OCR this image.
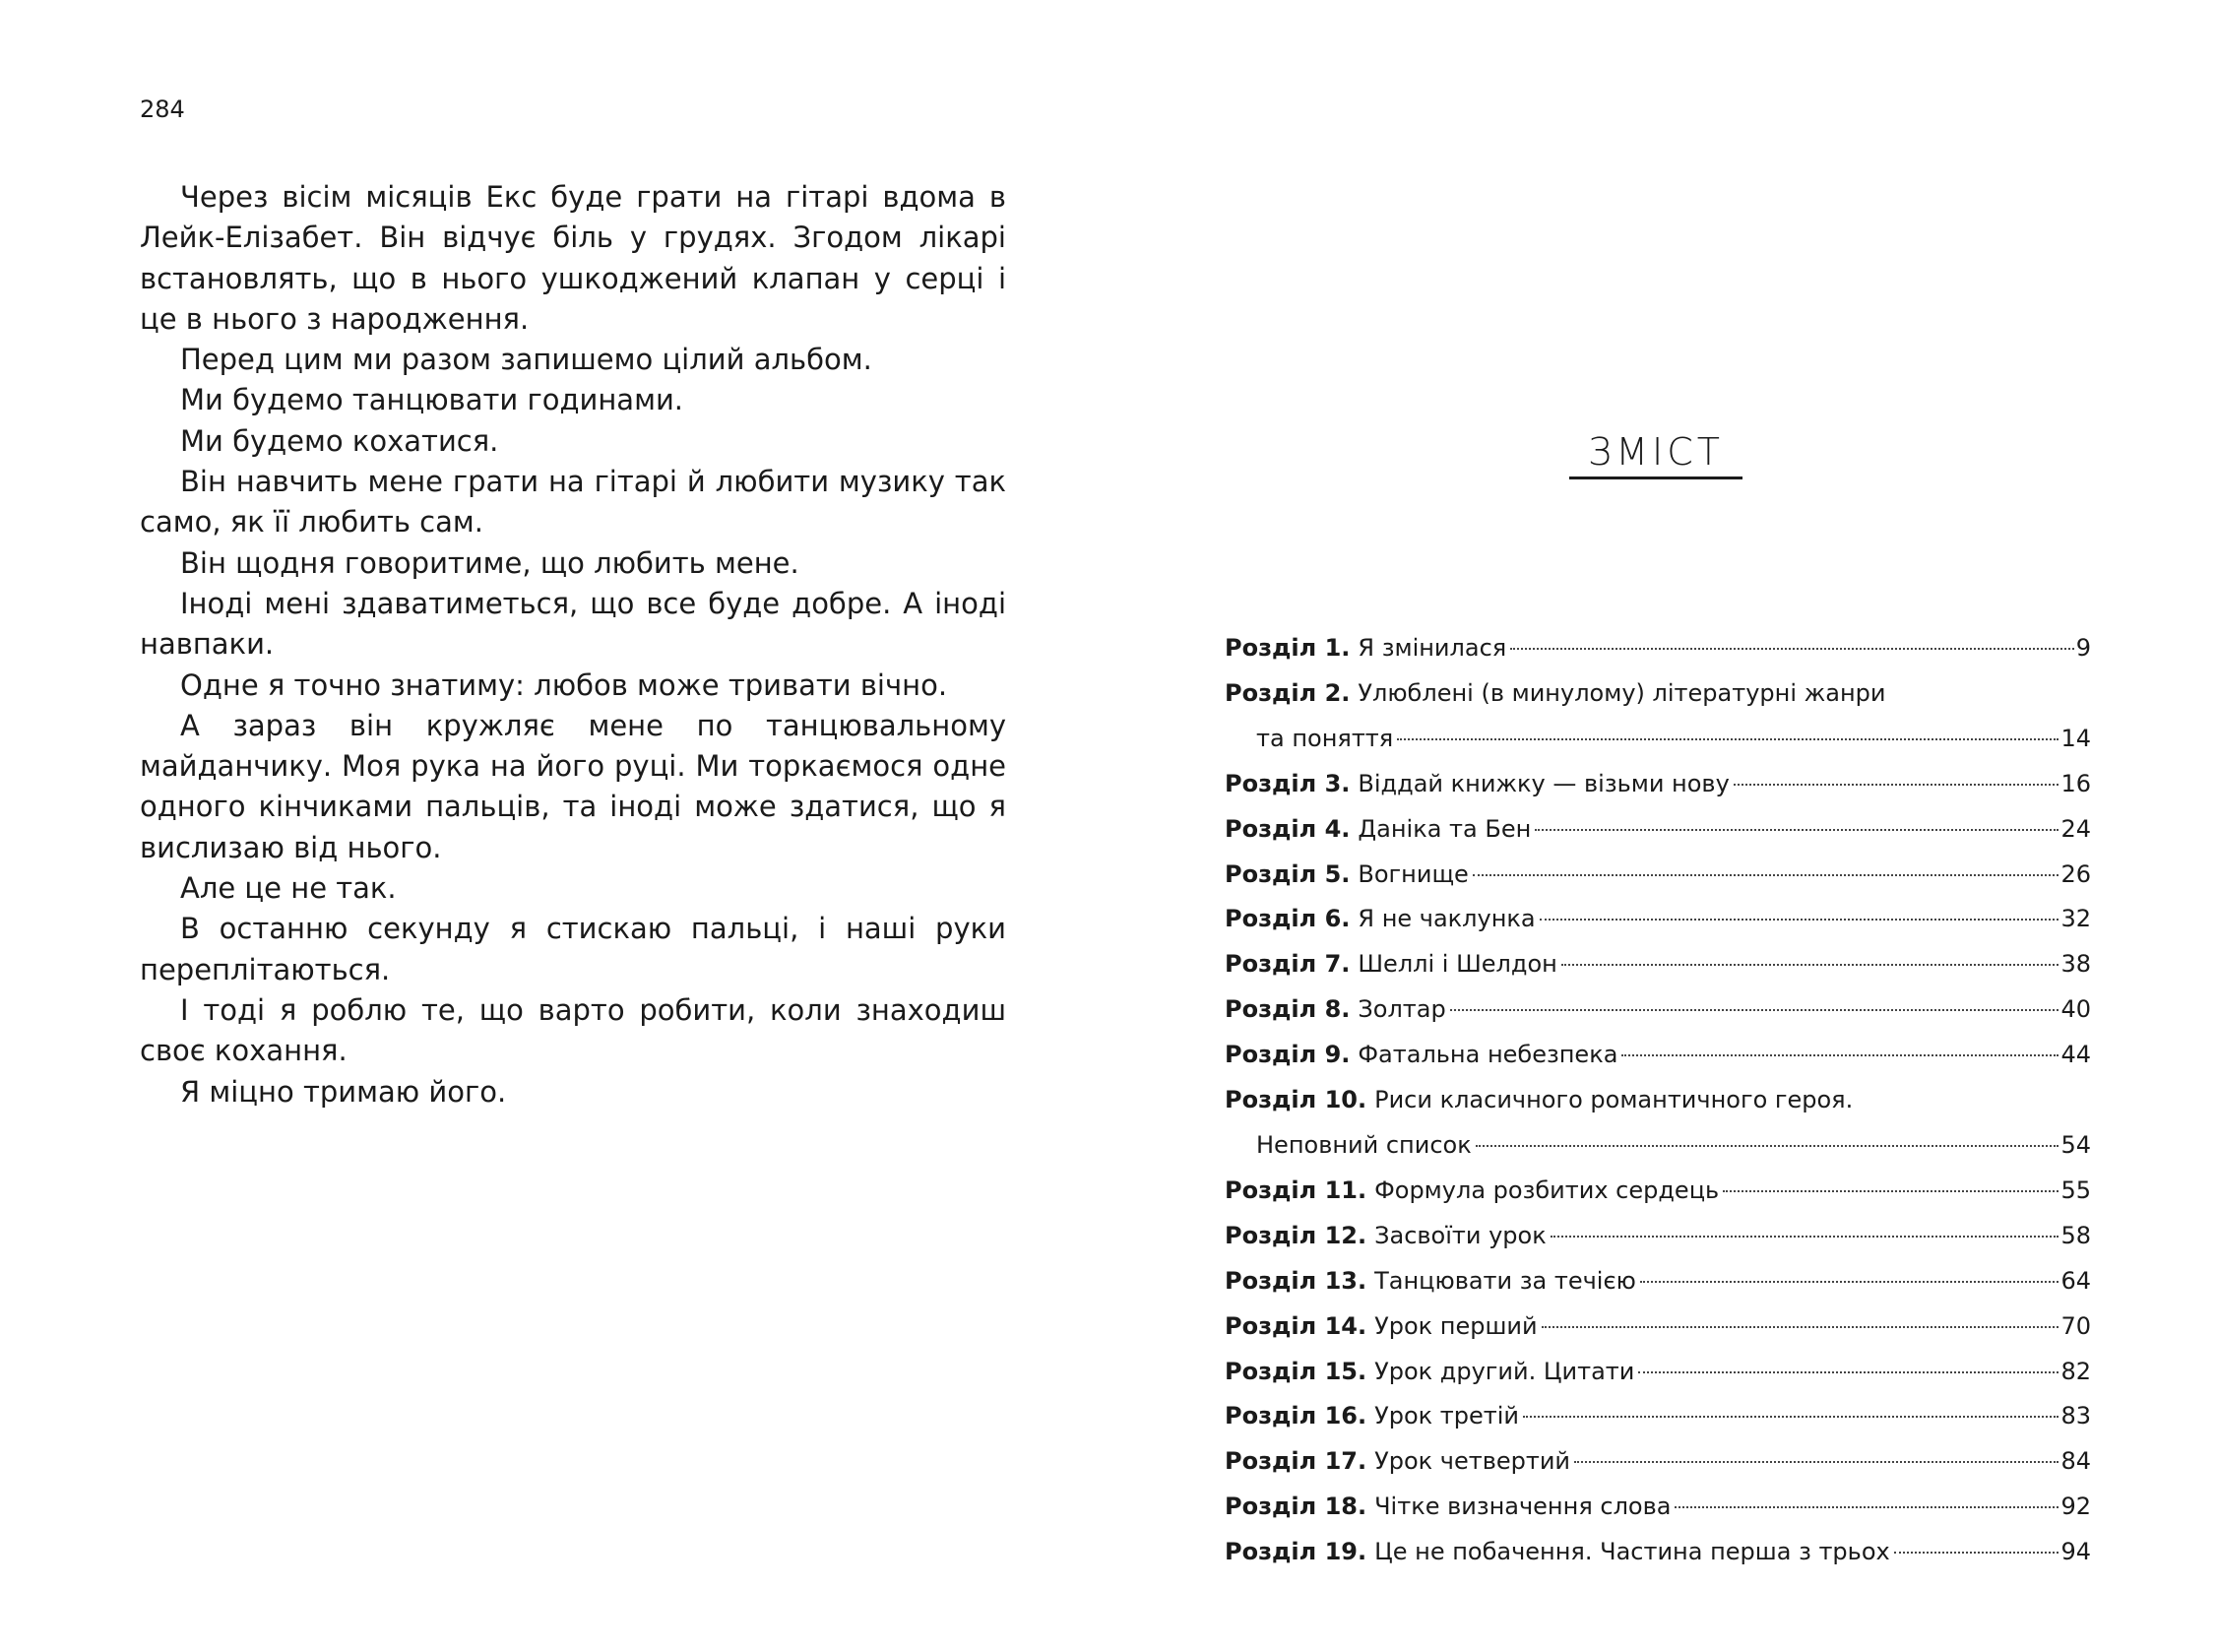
284

Через вісім місяців Екс буде грати на гітарі вдома в Лейк-Елізабет. Він відчує біль у грудях. Згодом лікарі встановлять, що в нього ушкоджений клапан у серці і це в нього з народження.

Перед цим ми разом запишемо цілий альбом.

Ми будемо танцювати годинами.

Ми будемо кохатися.

Він навчить мене грати на гітарі й любити музику так само, як її любить сам.

Він щодня говоритиме, що любить мене.

Іноді мені здаватиметься, що все буде добре. А іноді навпаки.

Одне я точно знатиму: любов може тривати вічно.

А зараз він кружляє мене по танцювальному майданчику. Моя рука на його руці. Ми торкаємося одне одного кінчиками пальців, та іноді може здатися, що я вислизаю від нього.

Але це не так.

В останню секунду я стискаю пальці, і наші руки переплітаються.

І тоді я роблю те, що варто робити, коли знаходиш своє кохання.

Я міцно тримаю його.

ЗМІСТ
Розділ 1. Я змінилася	9
Розділ 2. Улюблені (в минулому) літературні жанри
та поняття	14
Розділ 3. Віддай книжку — візьми нову	16
Розділ 4. Даніка та Бен	24
Розділ 5. Вогнище	26
Розділ 6. Я не чаклунка	32
Розділ 7. Шеллі і Шелдон	38
Розділ 8. Золтар	40
Розділ 9. Фатальна небезпека	44
Розділ 10. Риси класичного романтичного героя.
Неповний список	54
Розділ 11. Формула розбитих сердець	55
Розділ 12. Засвоїти урок	58
Розділ 13. Танцювати за течією	64
Розділ 14. Урок перший	70
Розділ 15. Урок другий. Цитати	82
Розділ 16. Урок третій	83
Розділ 17. Урок четвертий	84
Розділ 18. Чітке визначення слова	92
Розділ 19. Це не побачення. Частина перша з трьох	94
